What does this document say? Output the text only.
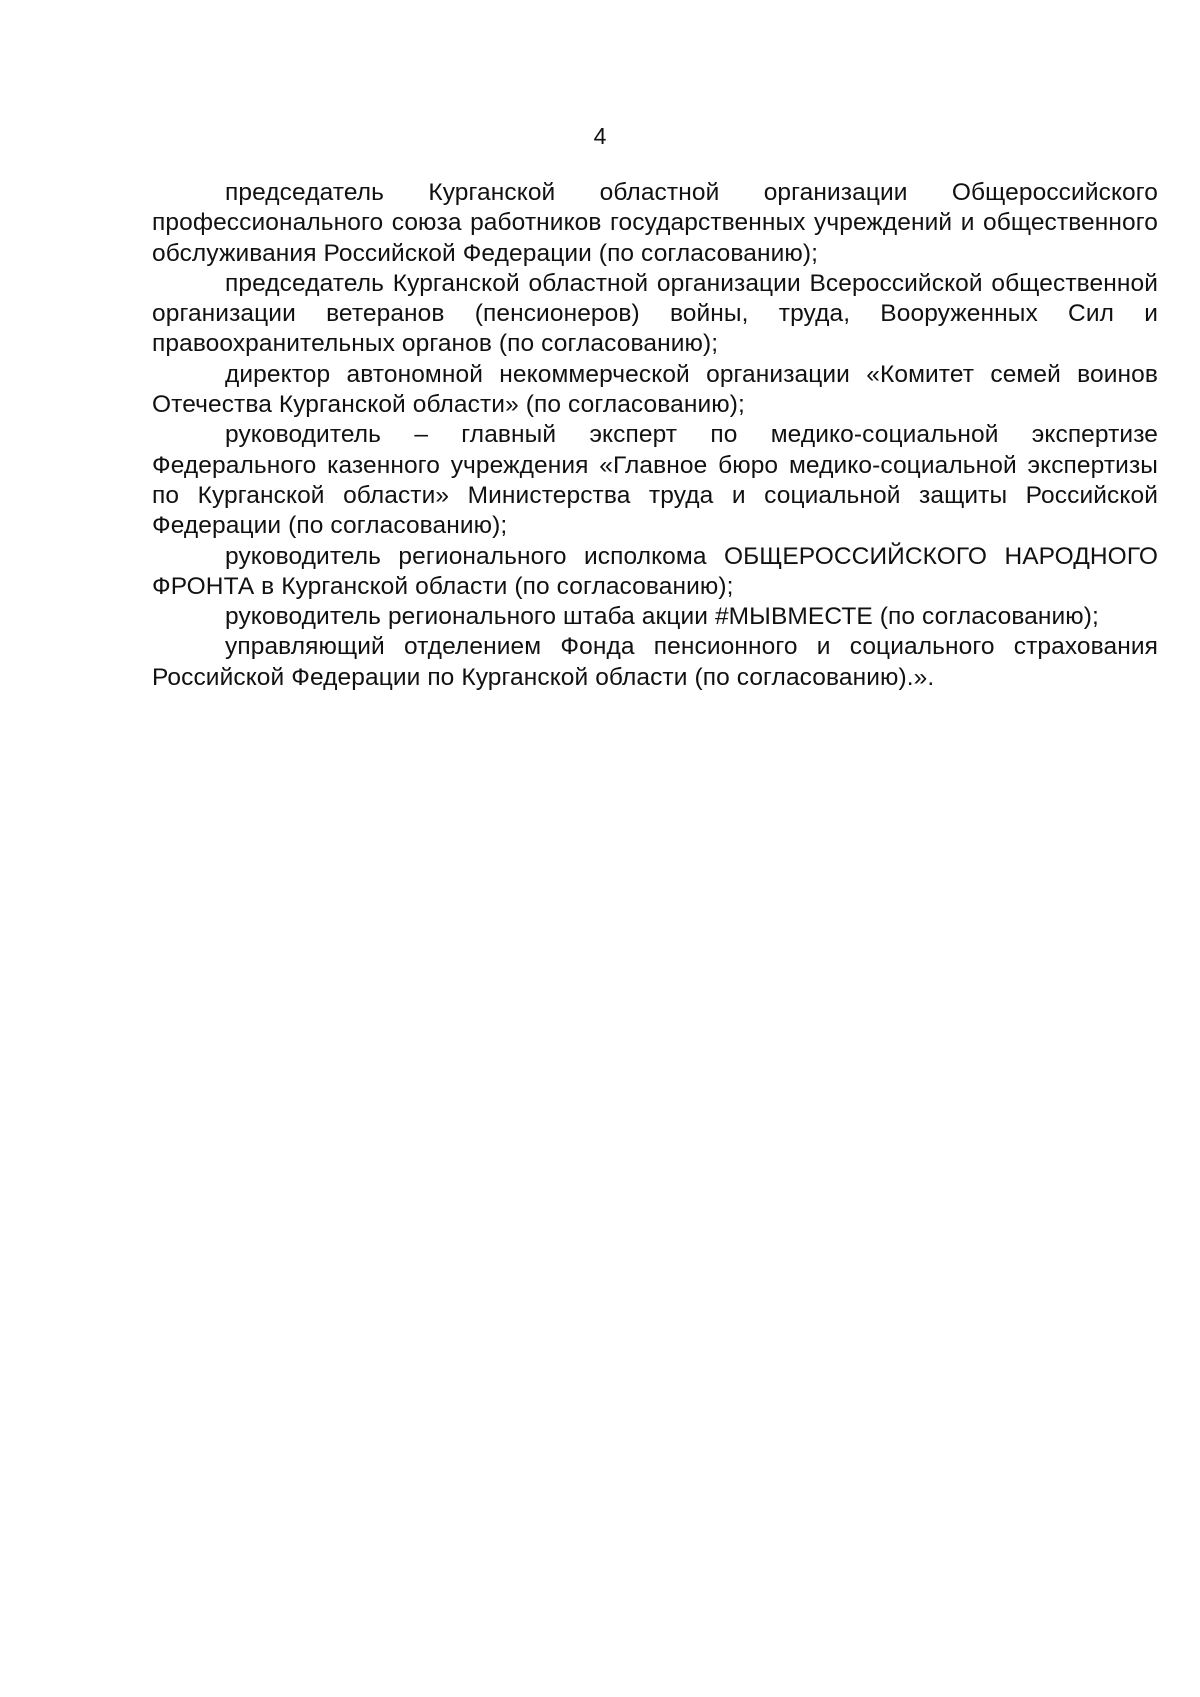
4

председатель Курганской областной организации Общероссийского профессионального союза работников государственных учреждений и общественного обслуживания Российской Федерации (по согласованию);

председатель Курганской областной организации Всероссийской общественной организации ветеранов (пенсионеров) войны, труда, Вооруженных Сил и правоохранительных органов (по согласованию);

директор автономной некоммерческой организации «Комитет семей воинов Отечества Курганской области» (по согласованию);

руководитель – главный эксперт по медико-социальной экспертизе Федерального казенного учреждения «Главное бюро медико-социальной экспертизы по Курганской области» Министерства труда и социальной защиты Российской Федерации (по согласованию);

руководитель регионального исполкома ОБЩЕРОССИЙСКОГО НАРОДНОГО ФРОНТА в Курганской области (по согласованию);

руководитель регионального штаба акции #МЫВМЕСТЕ (по согласованию);

управляющий отделением Фонда пенсионного и социального страхования Российской Федерации по Курганской области (по согласованию).».
